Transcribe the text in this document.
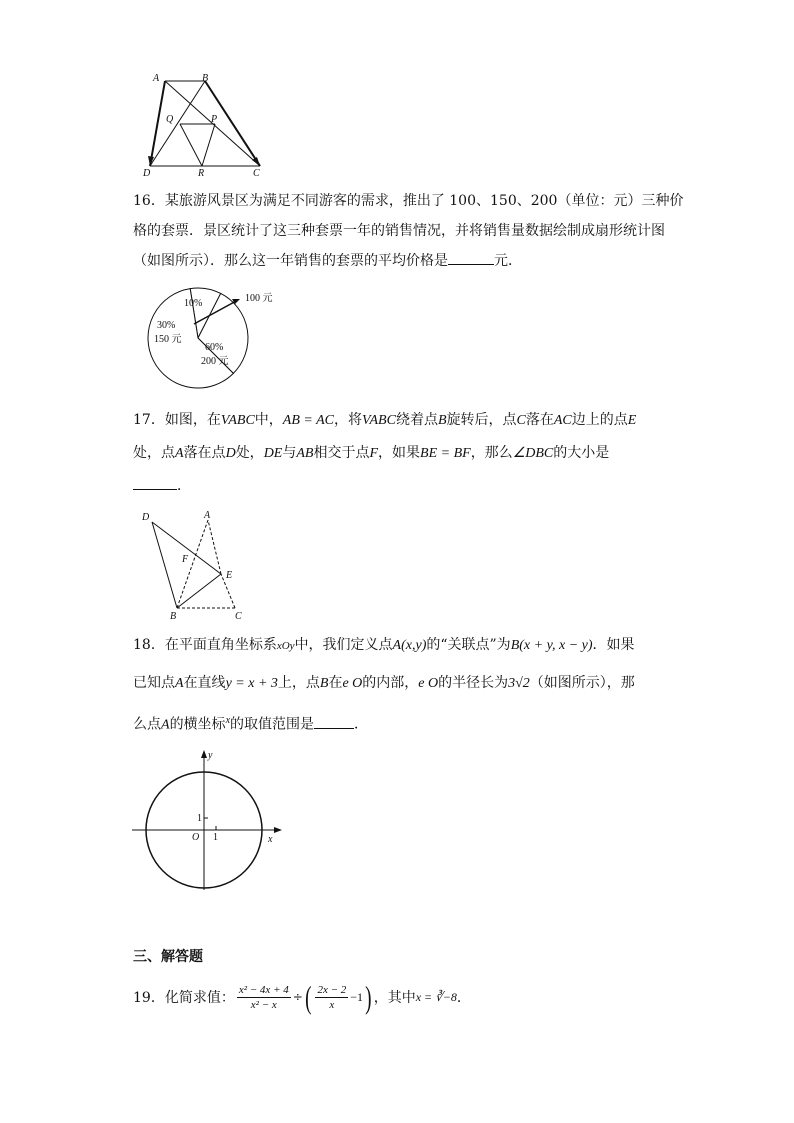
A	B
Q	P
D	R	C
16．某旅游风景区为满足不同游客的需求，推出了 100、150、200（单位：元）三种价
格的套票．景区统计了这三种套票一年的销售情况，并将销售量数据绘制成扇形统计图
（如图所示）．那么这一年销售的套票的平均价格是	元．
10%
30%
150 元
60%
200 元
100 元
17．如图，在VABC中，AB = AC，将VABC绕着点B旋转后，点C落在AC边上的点E
处，点A落在点D处，DE与AB相交于点F，如果BE = BF，那么∠DBC的大小是
．
D	A
F
E
B	C
18．在平面直角坐标系xOy中，我们定义点A(x,y)的“关联点”为B(x + y, x − y)．如果
已知点A在直线y = x + 3上，点B在e O的内部，e O的半径长为3√2（如图所示），那
么点A的横坐标$^x$的取值范围是	．
y
x
O 1
1
三、解答题
19． 化简求值： $\frac{\text{x² − 4x + 4}}{\text{x² − x}}$ ÷ ( $\frac{2x - 2}{x} -1$ ) ，其中 x = ∛−8 ．
